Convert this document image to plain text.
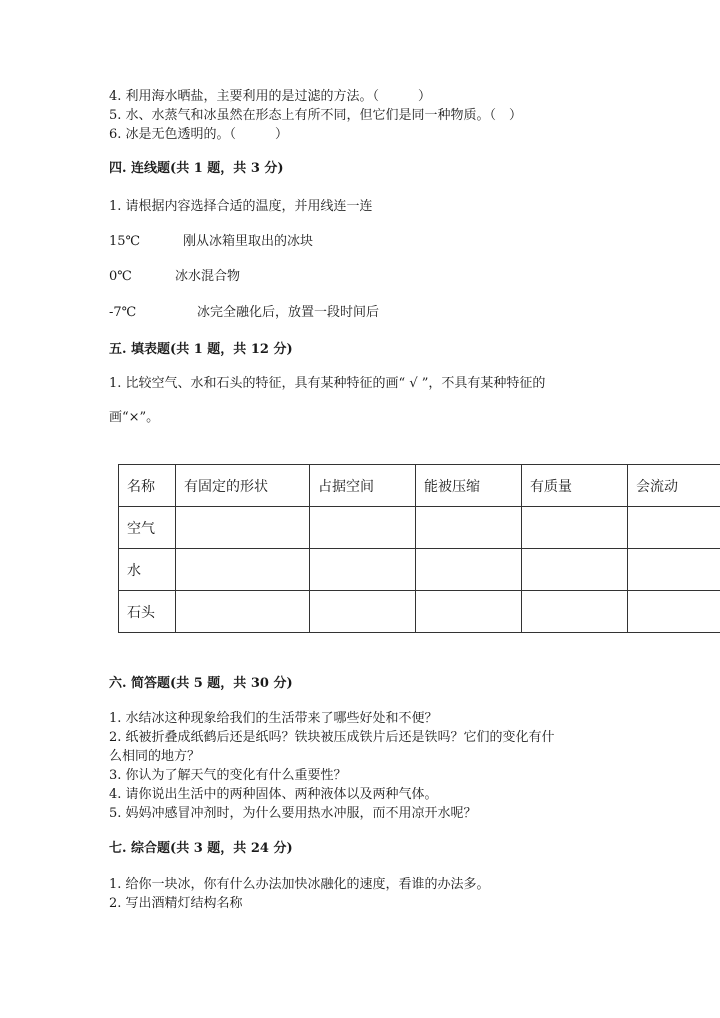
4. 利用海水晒盐，主要利用的是过滤的方法。（　　　）
5. 水、水蒸气和冰虽然在形态上有所不同，但它们是同一种物质。（　）
6. 冰是无色透明的。（　　　）
四. 连线题(共 1 题，共 3 分)
1. 请根据内容选择合适的温度，并用线连一连
15℃	刚从冰箱里取出的冰块
0℃	冰水混合物
-7℃	冰完全融化后，放置一段时间后
五. 填表题(共 1 题，共 12 分)
1. 比较空气、水和石头的特征，具有某种特征的画“ √ ”，不具有某种特征的
画“×”。
名称	有固定的形状	占据空间	能被压缩	有质量	会流动
空气					
水					
石头					
六. 简答题(共 5 题，共 30 分)
1. 水结冰这种现象给我们的生活带来了哪些好处和不便？
2. 纸被折叠成纸鹤后还是纸吗？铁块被压成铁片后还是铁吗？它们的变化有什
么相同的地方？
3. 你认为了解天气的变化有什么重要性？
4. 请你说出生活中的两种固体、两种液体以及两种气体。
5. 妈妈冲感冒冲剂时，为什么要用热水冲服，而不用凉开水呢？
七. 综合题(共 3 题，共 24 分)
1. 给你一块冰，你有什么办法加快冰融化的速度，看谁的办法多。
2. 写出酒精灯结构名称
